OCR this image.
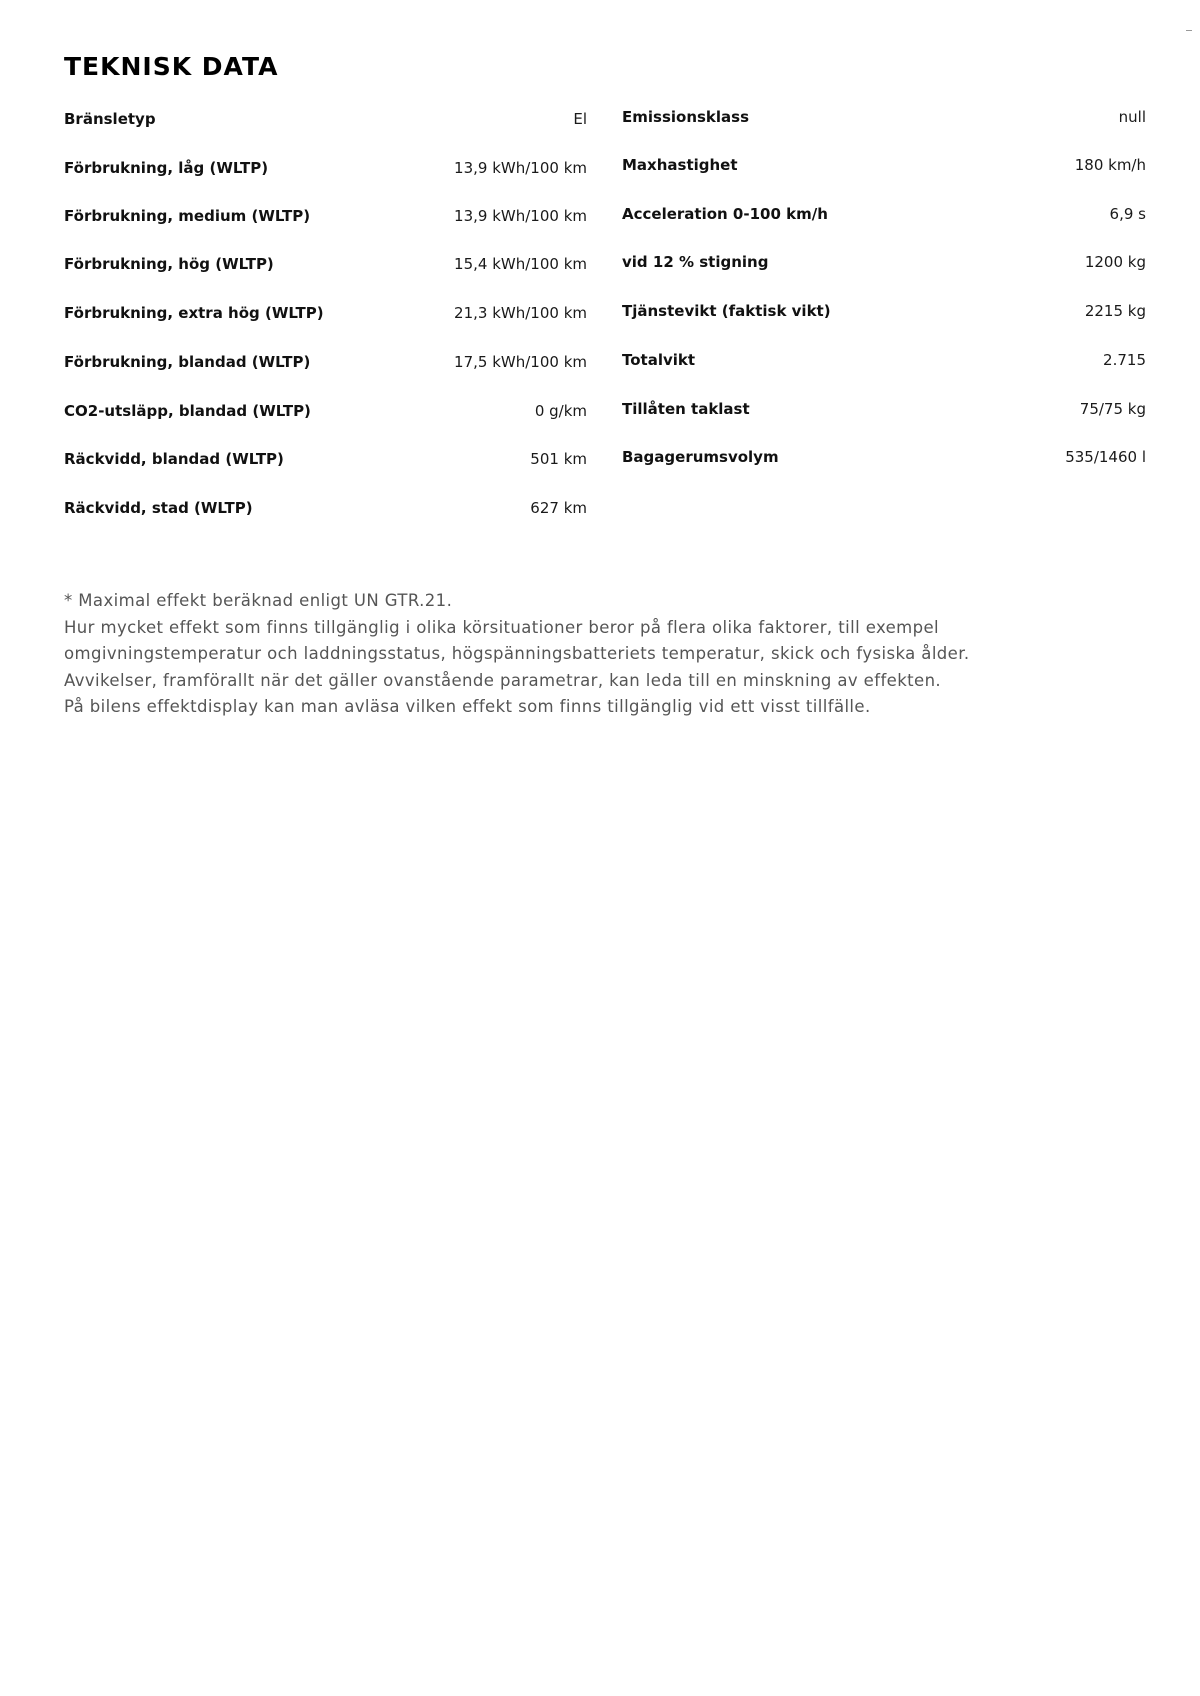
TEKNISK DATA
Bränsletyp	El
Förbrukning, låg (WLTP)	13,9 kWh/100 km
Förbrukning, medium (WLTP)	13,9 kWh/100 km
Förbrukning, hög (WLTP)	15,4 kWh/100 km
Förbrukning, extra hög (WLTP)	21,3 kWh/100 km
Förbrukning, blandad (WLTP)	17,5 kWh/100 km
CO2-utsläpp, blandad (WLTP)	0 g/km
Räckvidd, blandad (WLTP)	501 km
Räckvidd, stad (WLTP)	627 km
Emissionsklass	null
Maxhastighet	180 km/h
Acceleration 0-100 km/h	6,9 s
vid 12 % stigning	1200 kg
Tjänstevikt (faktisk vikt)	2215 kg
Totalvikt	2.715
Tillåten taklast	75/75 kg
Bagagerumsvolym	535/1460 l
* Maximal effekt beräknad enligt UN GTR.21.
Hur mycket effekt som finns tillgänglig i olika körsituationer beror på flera olika faktorer, till exempel
omgivningstemperatur och laddningsstatus, högspänningsbatteriets temperatur, skick och fysiska ålder.
Avvikelser, framförallt när det gäller ovanstående parametrar, kan leda till en minskning av effekten.
På bilens effektdisplay kan man avläsa vilken effekt som finns tillgänglig vid ett visst tillfälle.
